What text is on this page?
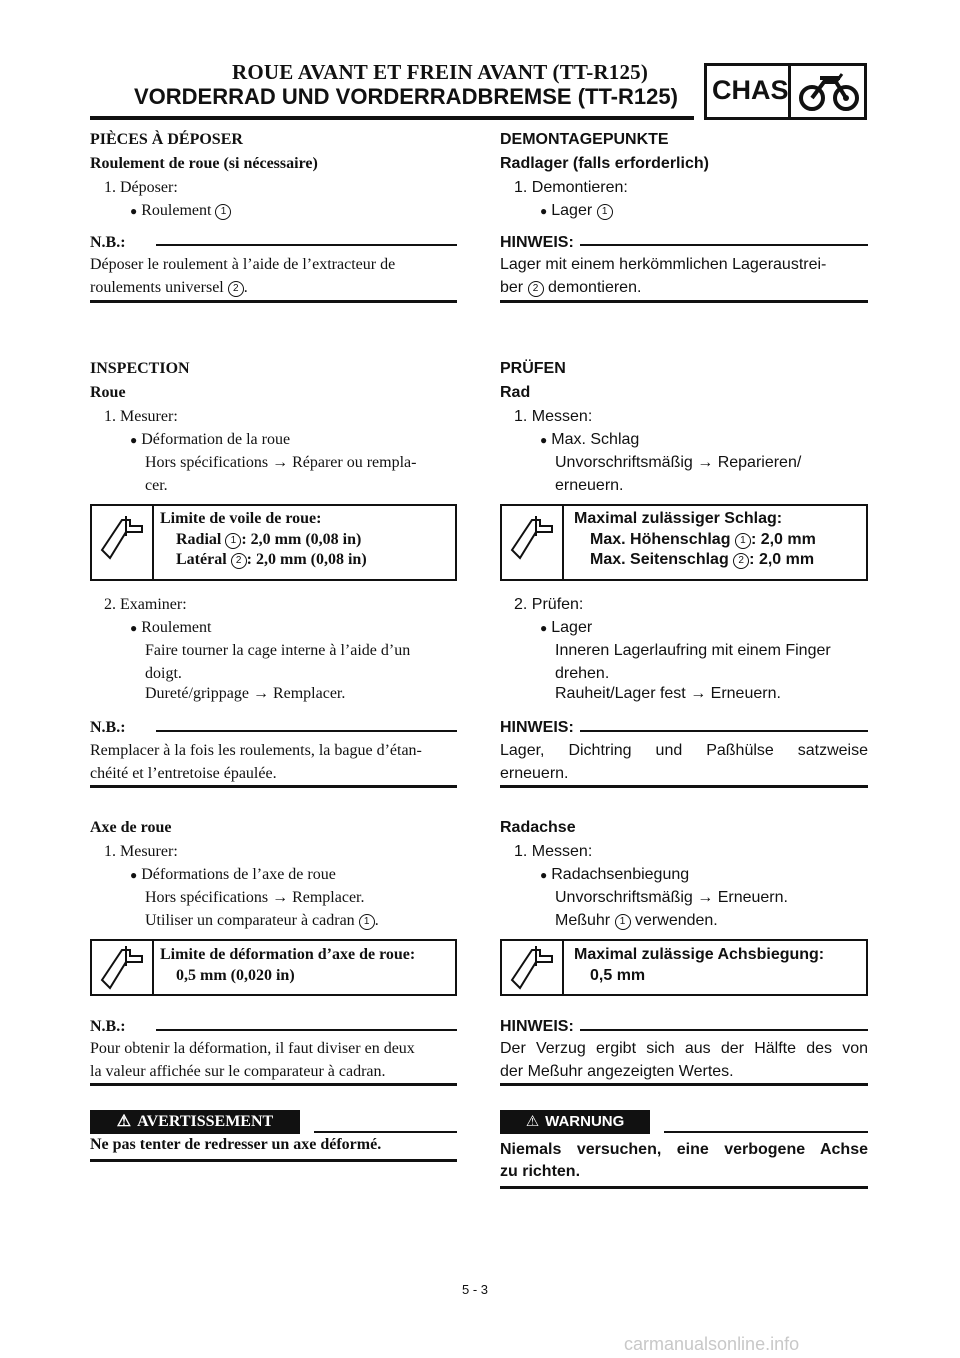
ROUE AVANT ET FREIN AVANT (TT-R125)
VORDERRAD UND VORDERRADBREMSE (TT-R125) CHAS
PIÈCES À DÉPOSER
Roulement de roue (si nécessaire)
1. Déposer:
● Roulement 1
N.B.:
Déposer le roulement à l’aide de l’extracteur de
roulements universel 2 .
INSPECTION
Roue
1. Mesurer:
● Déformation de la roue
Hors spécifications → Réparer ou rempla-
cer.
Limite de voile de roue:
Radial 1 : 2,0 mm (0,08 in)
Latéral 2 : 2,0 mm (0,08 in)
2. Examiner:
● Roulement
Faire tourner la cage interne à l’aide d’un
doigt.
Dureté/grippage → Remplacer.
N.B.:
Remplacer à la fois les roulements, la bague d’étan-
chéité et l’entretoise épaulée.
Axe de roue
1. Mesurer:
● Déformations de l’axe de roue
Hors spécifications → Remplacer.
Utiliser un comparateur à cadran 1 .
Limite de déformation d’axe de roue:
0,5 mm (0,020 in)
N.B.:
Pour obtenir la déformation, il faut diviser en deux
la valeur affichée sur le comparateur à cadran.
⚠ AVERTISSEMENT
Ne pas tenter de redresser un axe déformé.
DEMONTAGEPUNKTE
Radlager (falls erforderlich)
1. Demontieren:
● Lager 1
HINWEIS:
Lager mit einem herkömmlichen Lageraustrei-
ber 2 demontieren.
PRÜFEN
Rad
1. Messen:
● Max. Schlag
Unvorschriftsmäßig → Reparieren/
erneuern.
Maximal zulässiger Schlag:
Max. Höhenschlag 1 : 2,0 mm
Max. Seitenschlag 2 : 2,0 mm
2. Prüfen:
● Lager
Inneren Lagerlaufring mit einem Finger
drehen.
Rauheit/Lager fest → Erneuern.
HINWEIS:
Lager, Dichtring und Paßhülse satzweise
erneuern.
Radachse
1. Messen:
● Radachsenbiegung
Unvorschriftsmäßig → Erneuern.
Meßuhr 1 verwenden.
Maximal zulässige Achsbiegung:
0,5 mm
HINWEIS:
Der Verzug ergibt sich aus der Hälfte des von
der Meßuhr angezeigten Wertes.
⚠ WARNUNG
Niemals versuchen, eine verbogene Achse
zu richten.
5 - 3
carmanualsonline.info
